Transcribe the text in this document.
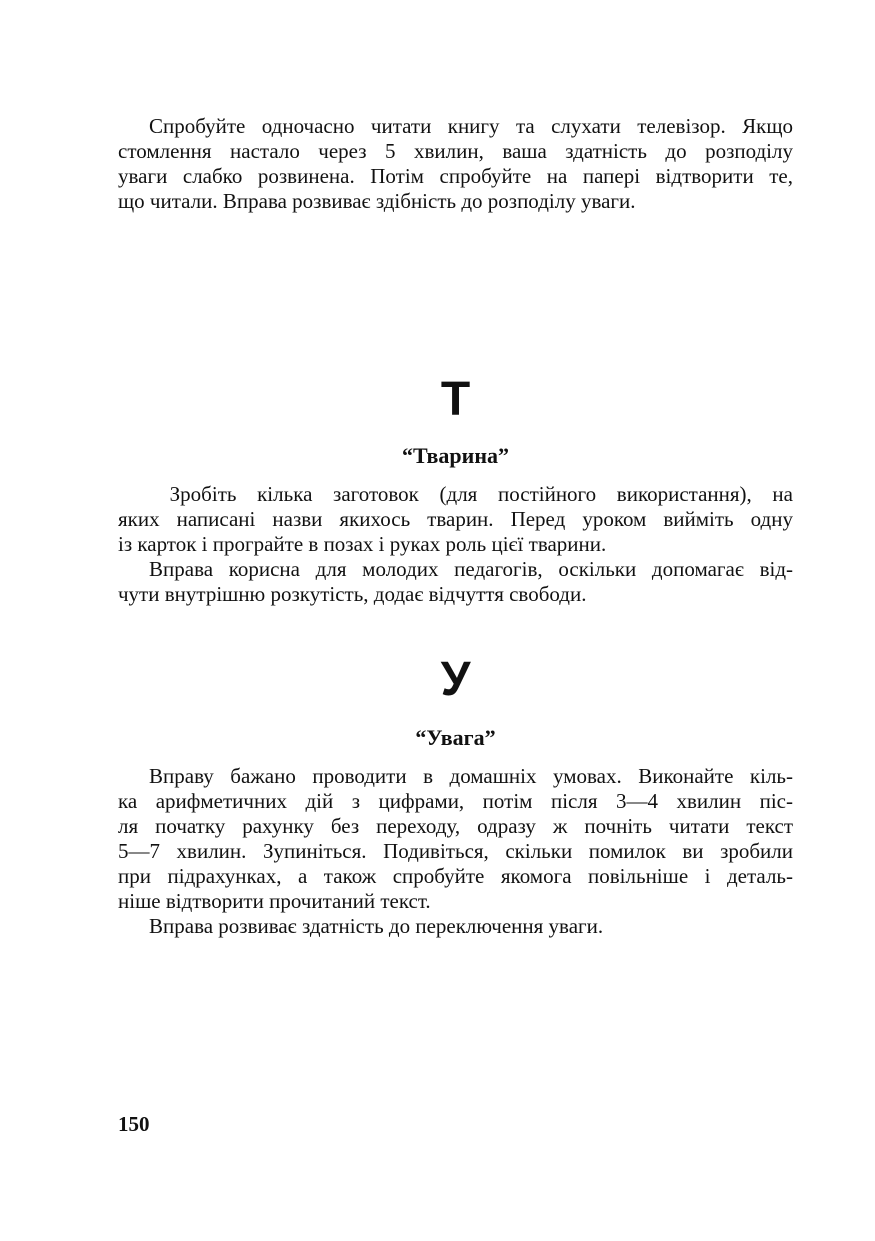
Спробуйте одночасно читати книгу та слухати телевізор. Якщо
стомлення настало через 5 хвилин, ваша здатність до розподілу
уваги слабко розвинена. Потім спробуйте на папері відтворити те,
що читали. Вправа розвиває здібність до розподілу уваги.
Т
“Тварина”
Зробіть кілька заготовок (для постійного використання), на
яких написані назви якихось тварин. Перед уроком вийміть одну
із карток і програйте в позах і руках роль цієї тварини.
Вправа корисна для молодих педагогів, оскільки допомагає від-
чути внутрішню розкутість, додає відчуття свободи.
У
“Увага”
Вправу бажано проводити в домашніх умовах. Виконайте кіль-
ка арифметичних дій з цифрами, потім після 3—4 хвилин піс-
ля початку рахунку без переходу, одразу ж почніть читати текст
5—7 хвилин. Зупиніться. Подивіться, скільки помилок ви зробили
при підрахунках, а також спробуйте якомога повільніше і деталь-
ніше відтворити прочитаний текст.
Вправа розвиває здатність до переключення уваги.
150
